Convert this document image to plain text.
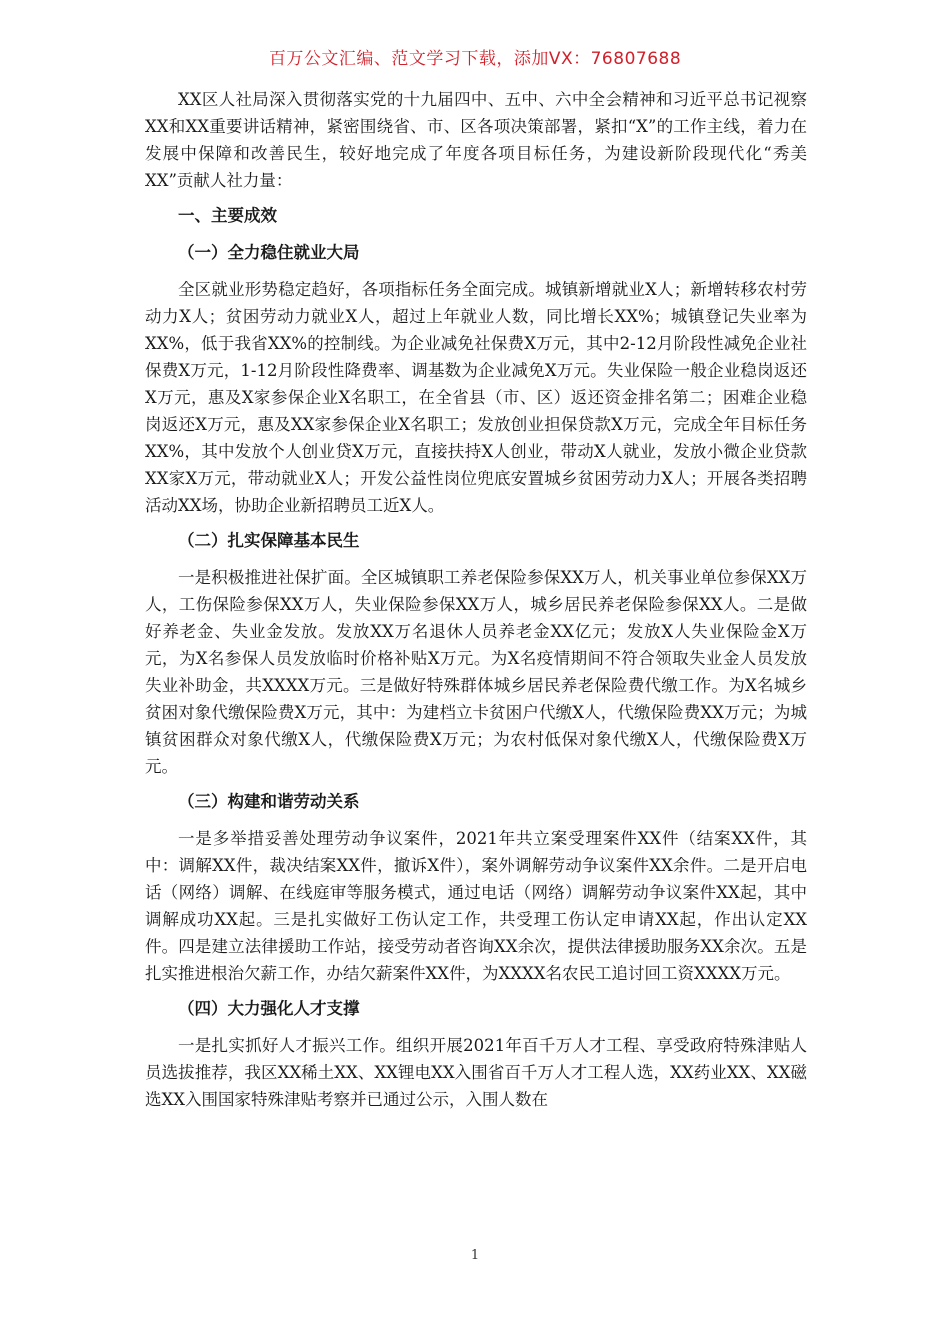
百万公文汇编、范文学习下载，添加VX：76807688

XX区人社局深入贯彻落实党的十九届四中、五中、六中全会精神和习近平总书记视察XX和XX重要讲话精神，紧密围绕省、市、区各项决策部署，紧扣“X”的工作主线，着力在发展中保障和改善民生，较好地完成了年度各项目标任务，为建设新阶段现代化“秀美XX”贡献人社力量：

一、主要成效
（一）全力稳住就业大局

全区就业形势稳定趋好，各项指标任务全面完成。城镇新增就业X人；新增转移农村劳动力X人；贫困劳动力就业X人，超过上年就业人数，同比增长XX%；城镇登记失业率为XX%，低于我省XX%的控制线。为企业减免社保费X万元，其中2-12月阶段性减免企业社保费X万元，1-12月阶段性降费率、调基数为企业减免X万元。失业保险一般企业稳岗返还X万元，惠及X家参保企业X名职工，在全省县（市、区）返还资金排名第二；困难企业稳岗返还X万元，惠及XX家参保企业X名职工；发放创业担保贷款X万元，完成全年目标任务XX%，其中发放个人创业贷X万元，直接扶持X人创业，带动X人就业，发放小微企业贷款XX家X万元，带动就业X人；开发公益性岗位兜底安置城乡贫困劳动力X人；开展各类招聘活动XX场，协助企业新招聘员工近X人。

（二）扎实保障基本民生

一是积极推进社保扩面。全区城镇职工养老保险参保XX万人，机关事业单位参保XX万人，工伤保险参保XX万人，失业保险参保XX万人，城乡居民养老保险参保XX人。二是做好养老金、失业金发放。发放XX万名退休人员养老金XX亿元；发放X人失业保险金X万元，为X名参保人员发放临时价格补贴X万元。为X名疫情期间不符合领取失业金人员发放失业补助金，共XXXX万元。三是做好特殊群体城乡居民养老保险费代缴工作。为X名城乡贫困对象代缴保险费X万元，其中：为建档立卡贫困户代缴X人，代缴保险费XX万元；为城镇贫困群众对象代缴X人，代缴保险费X万元；为农村低保对象代缴X人，代缴保险费X万元。

（三）构建和谐劳动关系

一是多举措妥善处理劳动争议案件，2021年共立案受理案件XX件（结案XX件，其中：调解XX件，裁决结案XX件，撤诉X件），案外调解劳动争议案件XX余件。二是开启电话（网络）调解、在线庭审等服务模式，通过电话（网络）调解劳动争议案件XX起，其中调解成功XX起。三是扎实做好工伤认定工作，共受理工伤认定申请XX起，作出认定XX件。四是建立法律援助工作站，接受劳动者咨询XX余次，提供法律援助服务XX余次。五是扎实推进根治欠薪工作，办结欠薪案件XX件，为XXXX名农民工追讨回工资XXXX万元。

（四）大力强化人才支撑

一是扎实抓好人才振兴工作。组织开展2021年百千万人才工程、享受政府特殊津贴人员选拔推荐，我区XX稀土XX、XX锂电XX入围省百千万人才工程人选，XX药业XX、XX磁选XX入围国家特殊津贴考察并已通过公示，入围人数在

1
